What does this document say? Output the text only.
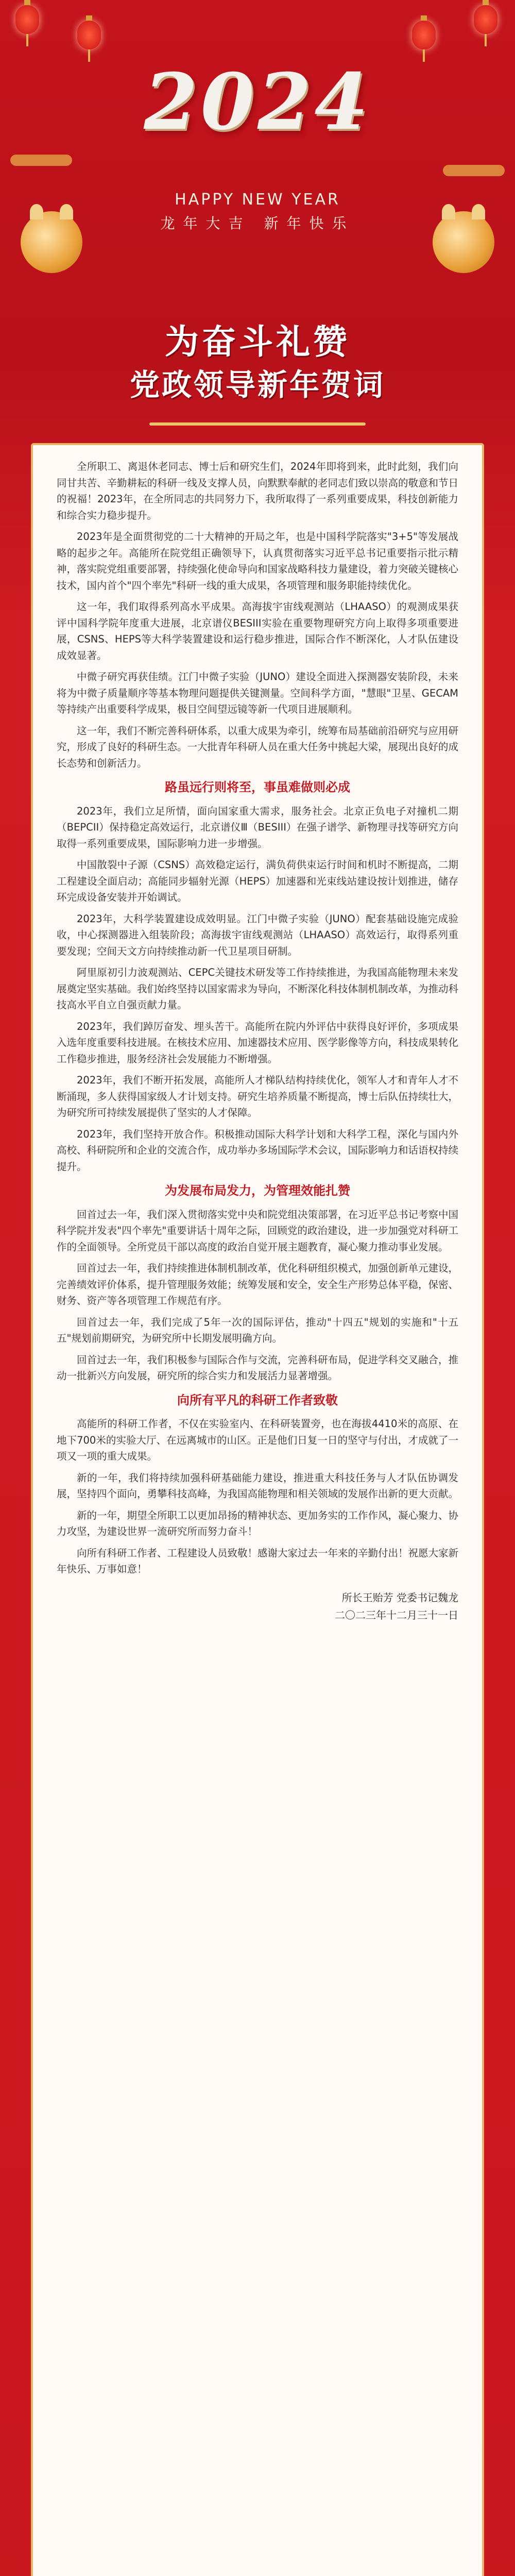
2024
HAPPY NEW YEAR
龙年大吉 新年快乐
为奋斗礼赞
党政领导新年贺词

全所职工、离退休老同志、博士后和研究生们，2024年即将到来，此时此刻，我们向同甘共苦、辛勤耕耘的科研一线及支撑人员，向默默奉献的老同志们致以崇高的敬意和节日的祝福！2023年，在全所同志的共同努力下，我所取得了一系列重要成果，科技创新能力和综合实力稳步提升。

2023年是全面贯彻党的二十大精神的开局之年，也是中国科学院落实"3+5"等发展战略的起步之年。高能所在院党组正确领导下，认真贯彻落实习近平总书记重要指示批示精神，落实院党组重要部署，持续强化使命导向和国家战略科技力量建设，着力突破关键核心技术，国内首个"四个率先"科研一线的重大成果，各项管理和服务职能持续优化。

这一年，我们取得系列高水平成果。高海拔宇宙线观测站（LHAASO）的观测成果获评中国科学院年度重大进展，北京谱仪BESIII实验在重要物理研究方向上取得多项重要进展，CSNS、HEPS等大科学装置建设和运行稳步推进，国际合作不断深化，人才队伍建设成效显著。

中微子研究再获佳绩。江门中微子实验（JUNO）建设全面进入探测器安装阶段，未来将为中微子质量顺序等基本物理问题提供关键测量。空间科学方面，"慧眼"卫星、GECAM等持续产出重要科学成果，极目空间望远镜等新一代项目进展顺利。

这一年，我们不断完善科研体系，以重大成果为牵引，统筹布局基础前沿研究与应用研究，形成了良好的科研生态。一大批青年科研人员在重大任务中挑起大梁，展现出良好的成长态势和创新活力。

路虽远行则将至，事虽难做则必成

2023年，我们立足所情，面向国家重大需求，服务社会。北京正负电子对撞机二期（BEPCII）保持稳定高效运行，北京谱仪Ⅲ（BESIII）在强子谱学、新物理寻找等研究方向取得一系列重要成果，国际影响力进一步增强。

中国散裂中子源（CSNS）高效稳定运行，满负荷供束运行时间和机时不断提高，二期工程建设全面启动；高能同步辐射光源（HEPS）加速器和光束线站建设按计划推进，储存环完成设备安装并开始调试。

2023年，大科学装置建设成效明显。江门中微子实验（JUNO）配套基础设施完成验收，中心探测器进入组装阶段；高海拔宇宙线观测站（LHAASO）高效运行，取得系列重要发现；空间天文方向持续推动新一代卫星项目研制。

阿里原初引力波观测站、CEPC关键技术研发等工作持续推进，为我国高能物理未来发展奠定坚实基础。我们始终坚持以国家需求为导向，不断深化科技体制机制改革，为推动科技高水平自立自强贡献力量。

2023年，我们踔厉奋发、埋头苦干。高能所在院内外评估中获得良好评价，多项成果入选年度重要科技进展。在核技术应用、加速器技术应用、医学影像等方向，科技成果转化工作稳步推进，服务经济社会发展能力不断增强。

2023年，我们不断开拓发展，高能所人才梯队结构持续优化，领军人才和青年人才不断涌现，多人获得国家级人才计划支持。研究生培养质量不断提高，博士后队伍持续壮大，为研究所可持续发展提供了坚实的人才保障。

2023年，我们坚持开放合作。积极推动国际大科学计划和大科学工程，深化与国内外高校、科研院所和企业的交流合作，成功举办多场国际学术会议，国际影响力和话语权持续提升。

为发展布局发力，为管理效能扎赞

回首过去一年，我们深入贯彻落实党中央和院党组决策部署，在习近平总书记考察中国科学院并发表"四个率先"重要讲话十周年之际，回顾党的政治建设，进一步加强党对科研工作的全面领导。全所党员干部以高度的政治自觉开展主题教育，凝心聚力推动事业发展。

回首过去一年，我们持续推进体制机制改革，优化科研组织模式，加强创新单元建设，完善绩效评价体系，提升管理服务效能；统筹发展和安全，安全生产形势总体平稳，保密、财务、资产等各项管理工作规范有序。

回首过去一年，我们完成了5年一次的国际评估，推动"十四五"规划的实施和"十五五"规划前期研究，为研究所中长期发展明确方向。

回首过去一年，我们积极参与国际合作与交流，完善科研布局，促进学科交叉融合，推动一批新兴方向发展，研究所的综合实力和发展活力显著增强。

向所有平凡的科研工作者致敬

高能所的科研工作者，不仅在实验室内、在科研装置旁，也在海拔4410米的高原、在地下700米的实验大厅、在远离城市的山区。正是他们日复一日的坚守与付出，才成就了一项又一项的重大成果。

新的一年，我们将持续加强科研基础能力建设，推进重大科技任务与人才队伍协调发展，坚持四个面向，勇攀科技高峰，为我国高能物理和相关领域的发展作出新的更大贡献。

新的一年，期望全所职工以更加昂扬的精神状态、更加务实的工作作风，凝心聚力、协力攻坚，为建设世界一流研究所而努力奋斗！

向所有科研工作者、工程建设人员致敬！感谢大家过去一年来的辛勤付出！祝愿大家新年快乐、万事如意！

所长王贻芳 党委书记魏龙
二〇二三年十二月三十一日
